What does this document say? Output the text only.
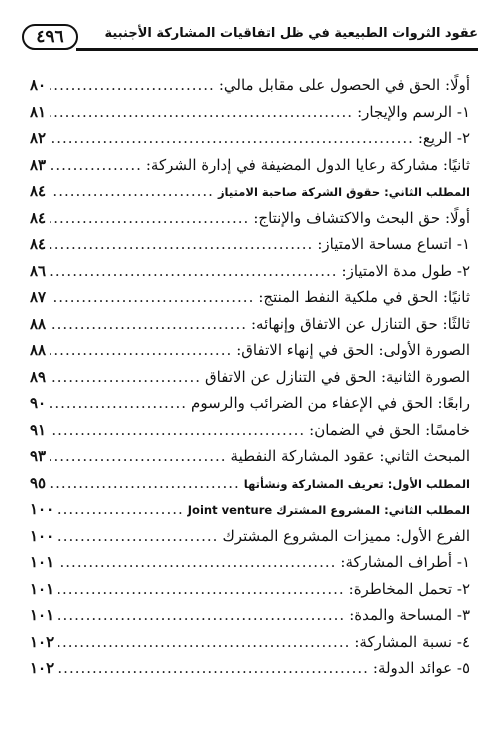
٤٩٦	عقود الثروات الطبيعية في ظل اتفاقيات المشاركة الأجنبية
أولًا: الحق في الحصول على مقابل مالي:
.....
٨٠
١- الرسم والإيجار:
.....
٨١
٢- الريع:
.....
٨٢
ثانيًا: مشاركة رعايا الدول المضيفة في إدارة الشركة:
.....
٨٣
المطلب الثاني: حقوق الشركة صاحبة الامتياز
.....
٨٤
أولًا: حق البحث والاكتشاف والإنتاج:
.....
٨٤
١- اتساع مساحة الامتياز:
.....
٨٤
٢- طول مدة الامتياز:
.....
٨٦
ثانيًا: الحق في ملكية النفط المنتج:
.....
٨٧
ثالثًا: حق التنازل عن الاتفاق وإنهائه:
.....
٨٨
الصورة الأولى: الحق في إنهاء الاتفاق:
.....
٨٨
الصورة الثانية: الحق في التنازل عن الاتفاق
.....
٨٩
رابعًا: الحق في الإعفاء من الضرائب والرسوم
.....
٩٠
خامسًا: الحق في الضمان:
.....
٩١
المبحث الثاني: عقود المشاركة النفطية
.....
٩٣
المطلب الأول: تعريف المشاركة ونشأتها
.....
٩٥
المطلب الثاني: المشروع المشترك Joint venture
.....
١٠٠
الفرع الأول: مميزات المشروع المشترك
.....
١٠٠
١- أطراف المشاركة:
.....
١٠١
٢- تحمل المخاطرة:
.....
١٠١
٣- المساحة والمدة:
.....
١٠١
٤- نسبة المشاركة:
.....
١٠٢
٥- عوائد الدولة:
.....
١٠٢
